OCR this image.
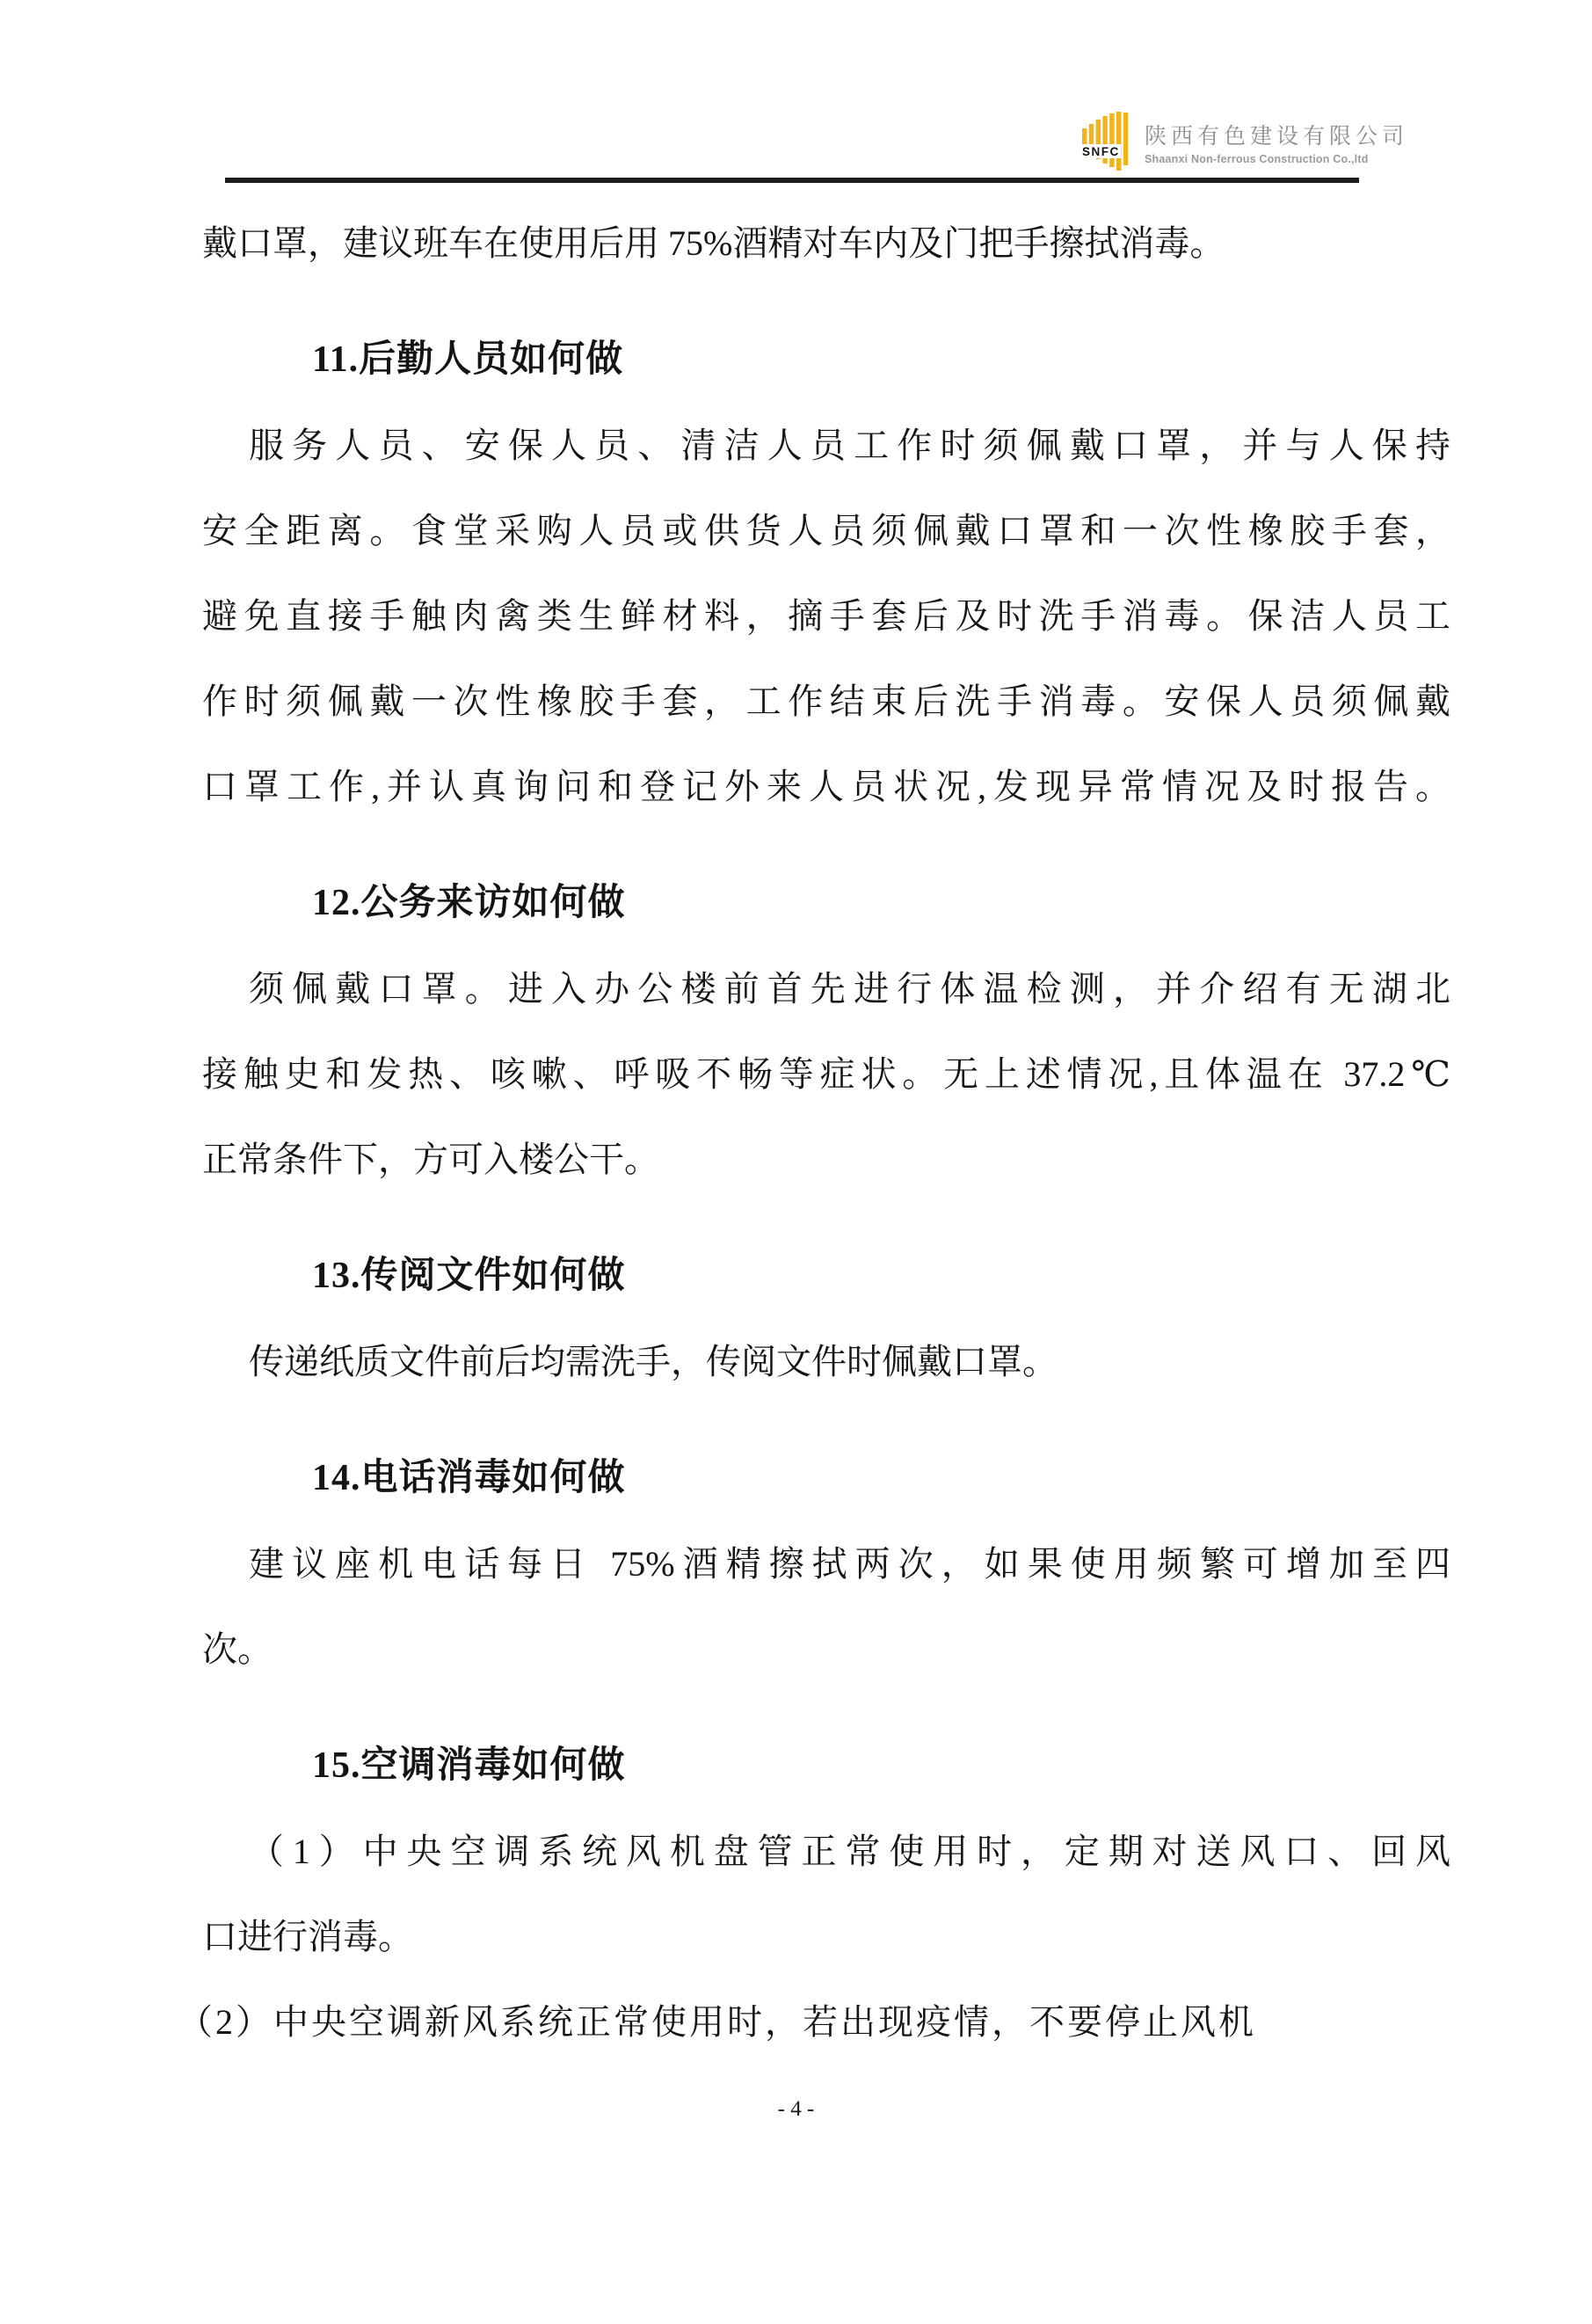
SNFC
陕西有色建设有限公司
Shaanxi Non-ferrous Construction Co.,ltd
戴口罩，建议班车在使用后用 75%酒精对车内及门把手擦拭消毒。
11.后勤人员如何做
服务人员、安保人员、清洁人员工作时须佩戴口罩，并与人保持
安全距离。食堂采购人员或供货人员须佩戴口罩和一次性橡胶手套，
避免直接手触肉禽类生鲜材料，摘手套后及时洗手消毒。保洁人员工
作时须佩戴一次性橡胶手套，工作结束后洗手消毒。安保人员须佩戴
口罩工作,并认真询问和登记外来人员状况,发现异常情况及时报告。
12.公务来访如何做
须佩戴口罩。进入办公楼前首先进行体温检测，并介绍有无湖北
接触史和发热、咳嗽、呼吸不畅等症状。无上述情况,且体温在 37.2℃
正常条件下，方可入楼公干。
13.传阅文件如何做
传递纸质文件前后均需洗手，传阅文件时佩戴口罩。
14.电话消毒如何做
建议座机电话每日 75%酒精擦拭两次，如果使用频繁可增加至四
次。
15.空调消毒如何做
（1）中央空调系统风机盘管正常使用时，定期对送风口、回风
口进行消毒。
（2）中央空调新风系统正常使用时，若出现疫情，不要停止风机
- 4 -
